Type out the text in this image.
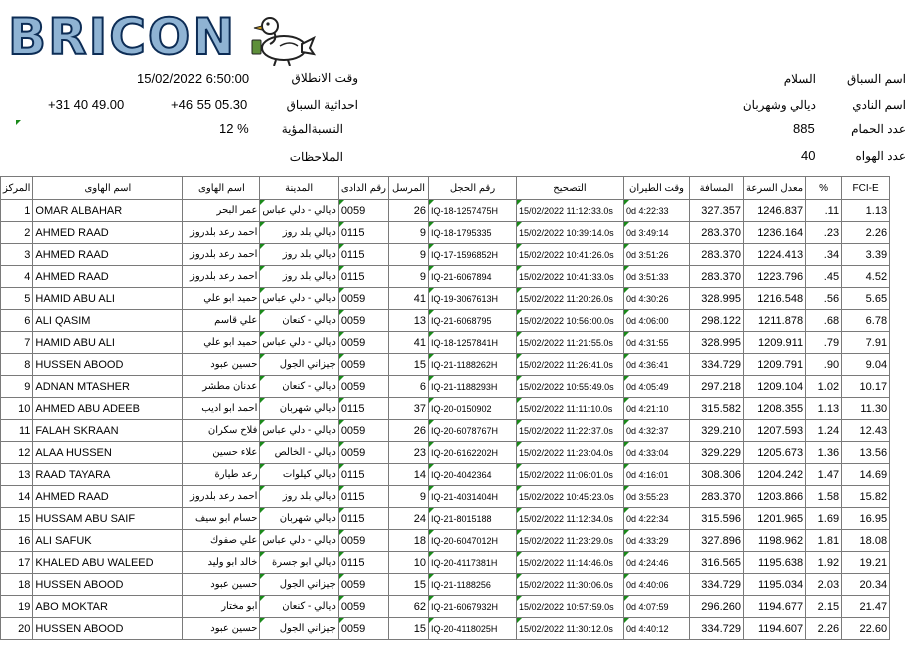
BRICON
15/02/2022 6:50:00	وقت الانطلاق
+31 40 49.00	+46 55 05.30	احداثية السباق
12 %	النسبةالمؤية
الملاحظات
السلام	اسم السباق
ديالي وشهربان	اسم النادي
885	عدد الحمام
40	عدد الهواه
المركز	اسم الهاوى	اسم الهاوى	المدينة	رقم الدادى	المرسل	رقم الحجل	التصحيح	وقت الطيران	المسافة	معدل السرعة	%	FCI-E
1	OMAR ALBAHAR	عمر البحر	ديالي - دلي عباس	0059	26	IQ-18-1257475H	15/02/2022 11:12:33.0s	0d 4:22:33	327.357	1246.837	.11	1.13
2	AHMED RAAD	احمد رعد بلدروز	ديالي بلد روز	0115	9	IQ-18-1795335	15/02/2022 10:39:14.0s	0d 3:49:14	283.370	1236.164	.23	2.26
3	AHMED RAAD	احمد رعد بلدروز	ديالي بلد روز	0115	9	IQ-17-1596852H	15/02/2022 10:41:26.0s	0d 3:51:26	283.370	1224.413	.34	3.39
4	AHMED RAAD	احمد رعد بلدروز	ديالي بلد روز	0115	9	IQ-21-6067894	15/02/2022 10:41:33.0s	0d 3:51:33	283.370	1223.796	.45	4.52
5	HAMID ABU ALI	حميد ابو علي	ديالي - دلي عباس	0059	41	IQ-19-3067613H	15/02/2022 11:20:26.0s	0d 4:30:26	328.995	1216.548	.56	5.65
6	ALI QASIM	علي قاسم	ديالي - كنعان	0059	13	IQ-21-6068795	15/02/2022 10:56:00.0s	0d 4:06:00	298.122	1211.878	.68	6.78
7	HAMID ABU ALI	حميد ابو علي	ديالي - دلي عباس	0059	41	IQ-18-1257841H	15/02/2022 11:21:55.0s	0d 4:31:55	328.995	1209.911	.79	7.91
8	HUSSEN ABOOD	حسين عبود	جيزاني الجول	0059	15	IQ-21-1188262H	15/02/2022 11:26:41.0s	0d 4:36:41	334.729	1209.791	.90	9.04
9	ADNAN MTASHER	عدنان مطشر	ديالي - كنعان	0059	6	IQ-21-1188293H	15/02/2022 10:55:49.0s	0d 4:05:49	297.218	1209.104	1.02	10.17
10	AHMED ABU ADEEB	احمد ابو اديب	ديالي شهربان	0115	37	IQ-20-0150902	15/02/2022 11:11:10.0s	0d 4:21:10	315.582	1208.355	1.13	11.30
11	FALAH SKRAAN	فلاح سكران	ديالي - دلي عباس	0059	26	IQ-20-6078767H	15/02/2022 11:22:37.0s	0d 4:32:37	329.210	1207.593	1.24	12.43
12	ALAA HUSSEN	علاء حسين	ديالي - الخالص	0059	23	IQ-20-6162202H	15/02/2022 11:23:04.0s	0d 4:33:04	329.229	1205.673	1.36	13.56
13	RAAD TAYARA	رعد طيارة	ديالي كيلوات	0115	14	IQ-20-4042364	15/02/2022 11:06:01.0s	0d 4:16:01	308.306	1204.242	1.47	14.69
14	AHMED RAAD	احمد رعد بلدروز	ديالي بلد روز	0115	9	IQ-21-4031404H	15/02/2022 10:45:23.0s	0d 3:55:23	283.370	1203.866	1.58	15.82
15	HUSSAM ABU SAIF	حسام ابو سيف	ديالي شهربان	0115	24	IQ-21-8015188	15/02/2022 11:12:34.0s	0d 4:22:34	315.596	1201.965	1.69	16.95
16	ALI SAFUK	علي صفوك	ديالي - دلي عباس	0059	18	IQ-20-6047012H	15/02/2022 11:23:29.0s	0d 4:33:29	327.896	1198.962	1.81	18.08
17	KHALED ABU WALEED	خالد ابو وليد	ديالي ابو جسرة	0115	10	IQ-20-4117381H	15/02/2022 11:14:46.0s	0d 4:24:46	316.565	1195.638	1.92	19.21
18	HUSSEN ABOOD	حسين عبود	جيزاني الجول	0059	15	IQ-21-1188256	15/02/2022 11:30:06.0s	0d 4:40:06	334.729	1195.034	2.03	20.34
19	ABO MOKTAR	ابو مختار	ديالي - كنعان	0059	62	IQ-21-6067932H	15/02/2022 10:57:59.0s	0d 4:07:59	296.260	1194.677	2.15	21.47
20	HUSSEN ABOOD	حسين عبود	جيزاني الجول	0059	15	IQ-20-4118025H	15/02/2022 11:30:12.0s	0d 4:40:12	334.729	1194.607	2.26	22.60
